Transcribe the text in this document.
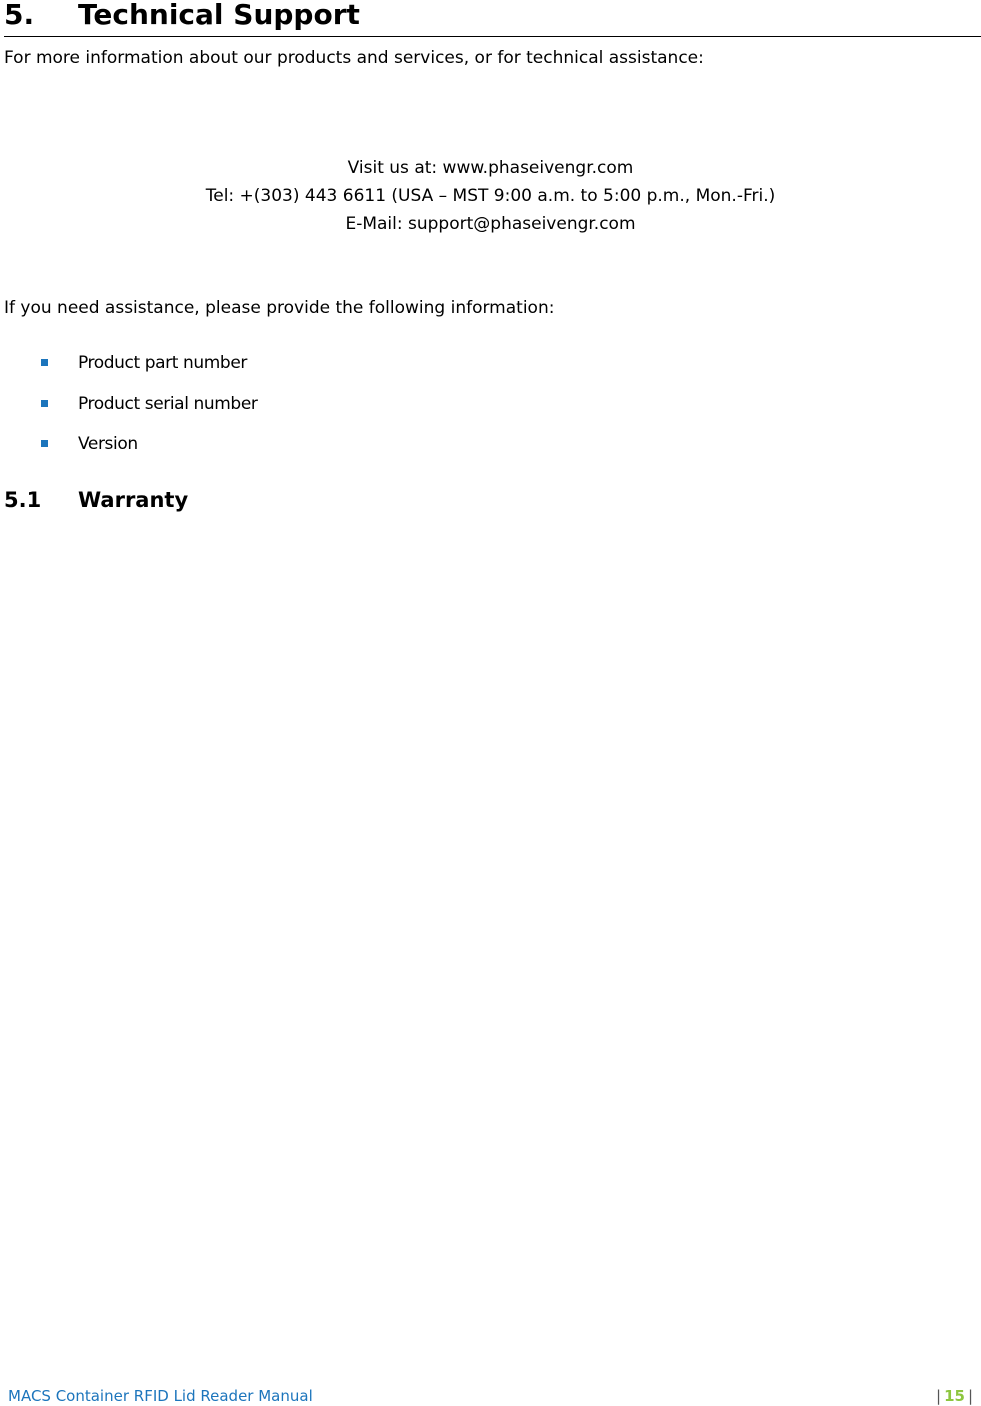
5. Technical Support
For more information about our products and services, or for technical assistance:
Visit us at: www.phaseivengr.com
Tel: +(303) 443 6611 (USA – MST 9:00 a.m. to 5:00 p.m., Mon.-Fri.)
E-Mail: support@phaseivengr.com
If you need assistance, please provide the following information:
Product part number
Product serial number
Version
5.1 Warranty
MACS Container RFID Lid Reader Manual	| 15 |
